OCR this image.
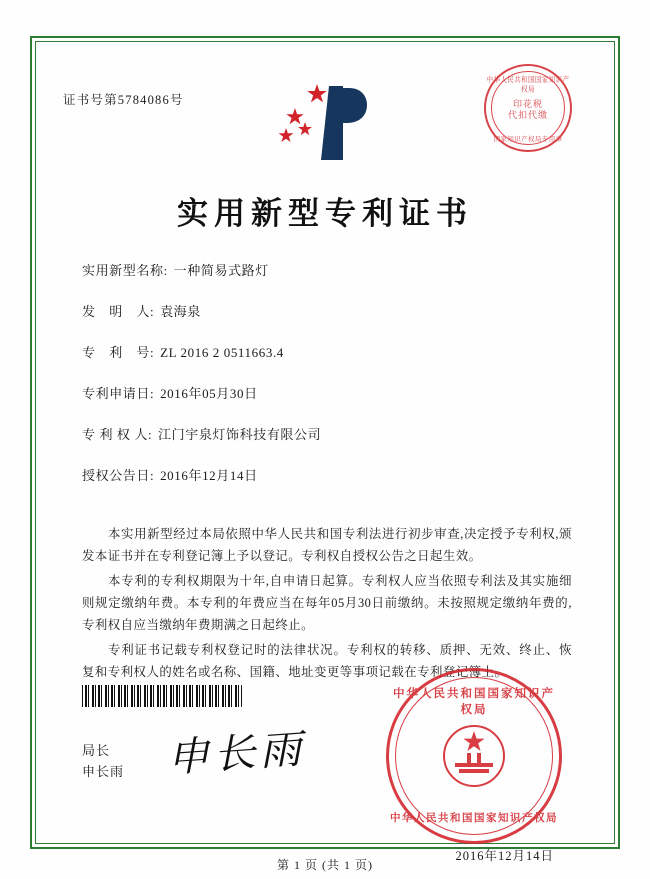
证书号第5784086号
中华人民共和国国家知识产权局
印花税
代扣代缴
国家知识产权局专用章
实用新型专利证书
实用新型名称: 一种简易式路灯
发　明　人: 袁海泉
专　利　号: ZL 2016 2 0511663.4
专利申请日: 2016年05月30日
专 利 权 人: 江门宇泉灯饰科技有限公司
授权公告日: 2016年12月14日

本实用新型经过本局依照中华人民共和国专利法进行初步审查,决定授予专利权,颁发本证书并在专利登记簿上予以登记。专利权自授权公告之日起生效。

本专利的专利权期限为十年,自申请日起算。专利权人应当依照专利法及其实施细则规定缴纳年费。本专利的年费应当在每年05月30日前缴纳。未按照规定缴纳年费的,专利权自应当缴纳年费期满之日起终止。

专利证书记载专利权登记时的法律状况。专利权的转移、质押、无效、终止、恢复和专利权人的姓名或名称、国籍、地址变更等事项记载在专利登记簿上。

局长
申长雨 申长雨
中华人民共和国国家知识产权局
中华人民共和国国家知识产权局
2016年12月14日
第 1 页 (共 1 页)
